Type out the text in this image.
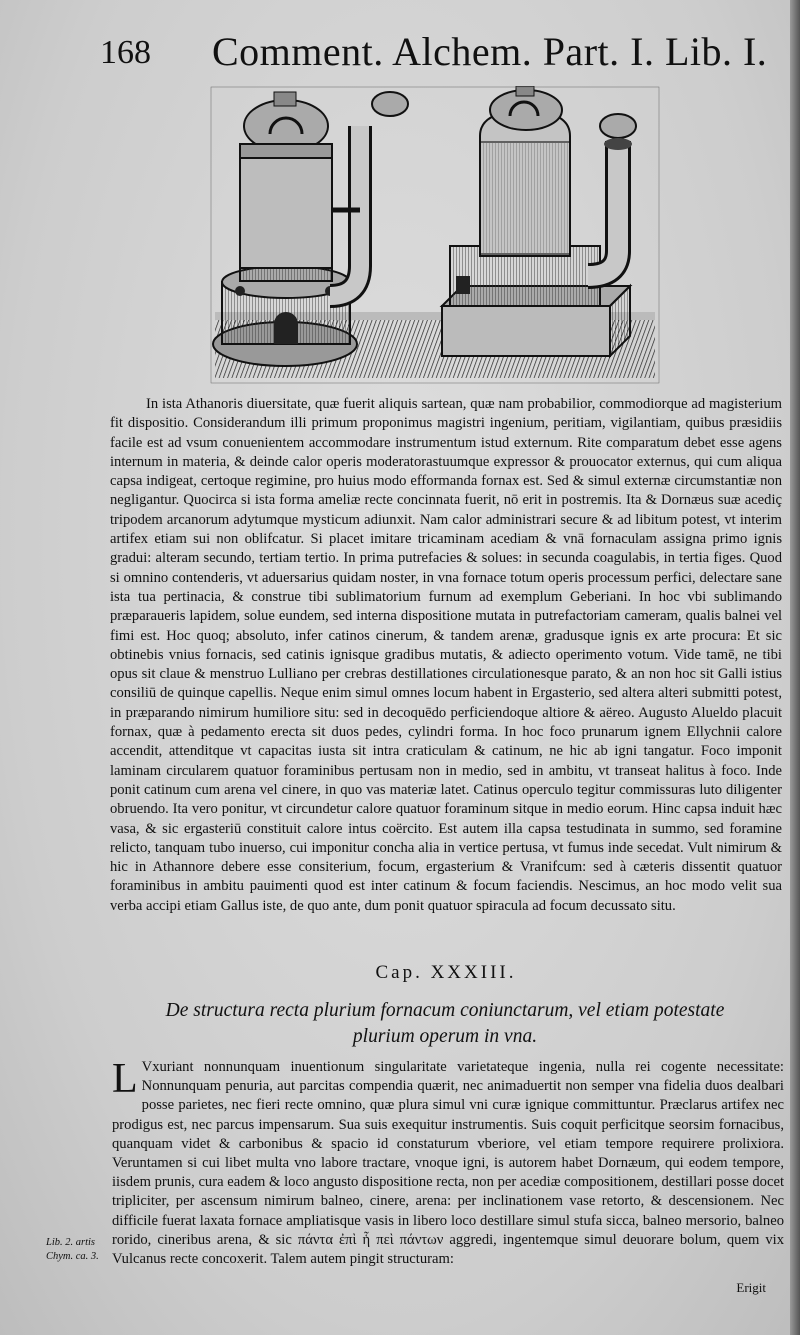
168 Comment. Alchem. Part. I. Lib. I.

In ista Athanoris diuersitate, quæ fuerit aliquis sartean, quæ nam probabilior, commodiorque ad magisterium fit dispositio. Considerandum illi primum proponimus magistri ingenium, peritiam, vigilantiam, quibus præsidiis facile est ad vsum conuenientem accommodare instrumentum istud externum. Rite comparatum debet esse agens internum in materia, & deinde calor operis moderatorastuumque expressor & prouocator externus, qui cum aliqua capsa indigeat, certoque regimine, pro huius modo efformanda fornax est. Sed & simul externæ circumstantiæ non negligantur. Quocirca si ista forma ameliæ recte concinnata fuerit, nō erit in postremis. Ita & Dornæus suæ acediç tripodem arcanorum adytumque mysticum adiunxit. Nam calor administrari secure & ad libitum potest, vt interim artifex etiam sui non oblifcatur. Si placet imitare tricaminam acediam & vnā fornaculam assigna primo ignis gradui: alteram secundo, tertiam tertio. In prima putrefacies & solues: in secunda coagulabis, in tertia figes. Quod si omnino contenderis, vt aduersarius quidam noster, in vna fornace totum operis processum perfici, delectare sane ista tua pertinacia, & construe tibi sublimatorium furnum ad exemplum Geberiani. In hoc vbi sublimando præparaueris lapidem, solue eundem, sed interna dispositione mutata in putrefactoriam cameram, qualis balnei vel fimi est. Hoc quoq; absoluto, infer catinos cinerum, & tandem arenæ, gradusque ignis ex arte procura: Et sic obtinebis vnius fornacis, sed catinis ignisque gradibus mutatis, & adiecto operimento votum. Vide tamē, ne tibi opus sit claue & menstruo Lulliano per crebras destillationes circulationesque parato, & an non hoc sit Galli istius consiliū de quinque capellis. Neque enim simul omnes locum habent in Ergasterio, sed altera alteri submitti potest, in præparando nimirum humiliore situ: sed in decoquēdo perficiendoque altiore & aëreo. Augusto Alueldo placuit fornax, quæ à pedamento erecta sit duos pedes, cylindri forma. In hoc foco prunarum ignem Ellychnii calore accendit, attenditque vt capacitas iusta sit intra craticulam & catinum, ne hic ab igni tangatur. Foco imponit laminam circularem quatuor foraminibus pertusam non in medio, sed in ambitu, vt transeat halitus à foco. Inde ponit catinum cum arena vel cinere, in quo vas materiæ latet. Catinus operculo tegitur commissuras luto diligenter obruendo. Ita vero ponitur, vt circundetur calore quatuor foraminum sitque in medio eorum. Hinc capsa induit hæc vasa, & sic ergasteriū constituit calore intus coërcito. Est autem illa capsa testudinata in summo, sed foramine relicto, tanquam tubo inuerso, cui imponitur concha alia in vertice pertusa, vt fumus inde secedat. Vult nimirum & hic in Athannore debere esse consiterium, focum, ergasterium & Vranifcum: sed à cæteris dissentit quatuor foraminibus in ambitu pauimenti quod est inter catinum & focum faciendis. Nescimus, an hoc modo velit sua verba accipi etiam Gallus iste, de quo ante, dum ponit quatuor spiracula ad focum decussato situ.

Cap. XXXIII.
De structura recta plurium fornacum coniunctarum, vel etiam potestate plurium operum in vna.

L Vxuriant nonnunquam inuentionum singularitate varietateque ingenia, nulla rei cogente necessitate: Nonnunquam penuria, aut parcitas compendia quærit, nec animaduertit non semper vna fidelia duos dealbari posse parietes, nec fieri recte omnino, quæ plura simul vni curæ ignique committuntur. Præclarus artifex nec prodigus est, nec parcus impensarum. Sua suis exequitur instrumentis. Suis coquit perficitque seorsim fornacibus, quanquam videt & carbonibus & spacio id constaturum vberiore, vel etiam tempore requirere prolixiora. Veruntamen si cui libet multa vno labore tractare, vnoque igni, is autorem habet Dornæum, qui eodem tempore, iisdem prunis, cura eadem & loco angusto dispositione recta, non per acediæ compositionem, destillari posse docet tripliciter, per ascensum nimirum balneo, cinere, arena: per inclinationem vase retorto, & descensionem. Nec difficile fuerat laxata fornace ampliatisque vasis in libero loco destillare simul stufa sicca, balneo mersorio, balneo rorido, cineribus arena, & sic πάντα ἐπὶ ἧ πεὶ πάντων aggredi, ingentemque simul deuorare bolum, quem vix Vulcanus recte concoxerit. Talem autem pingit structuram:

Lib. 2. artis Chym. ca. 3.
Erigit
